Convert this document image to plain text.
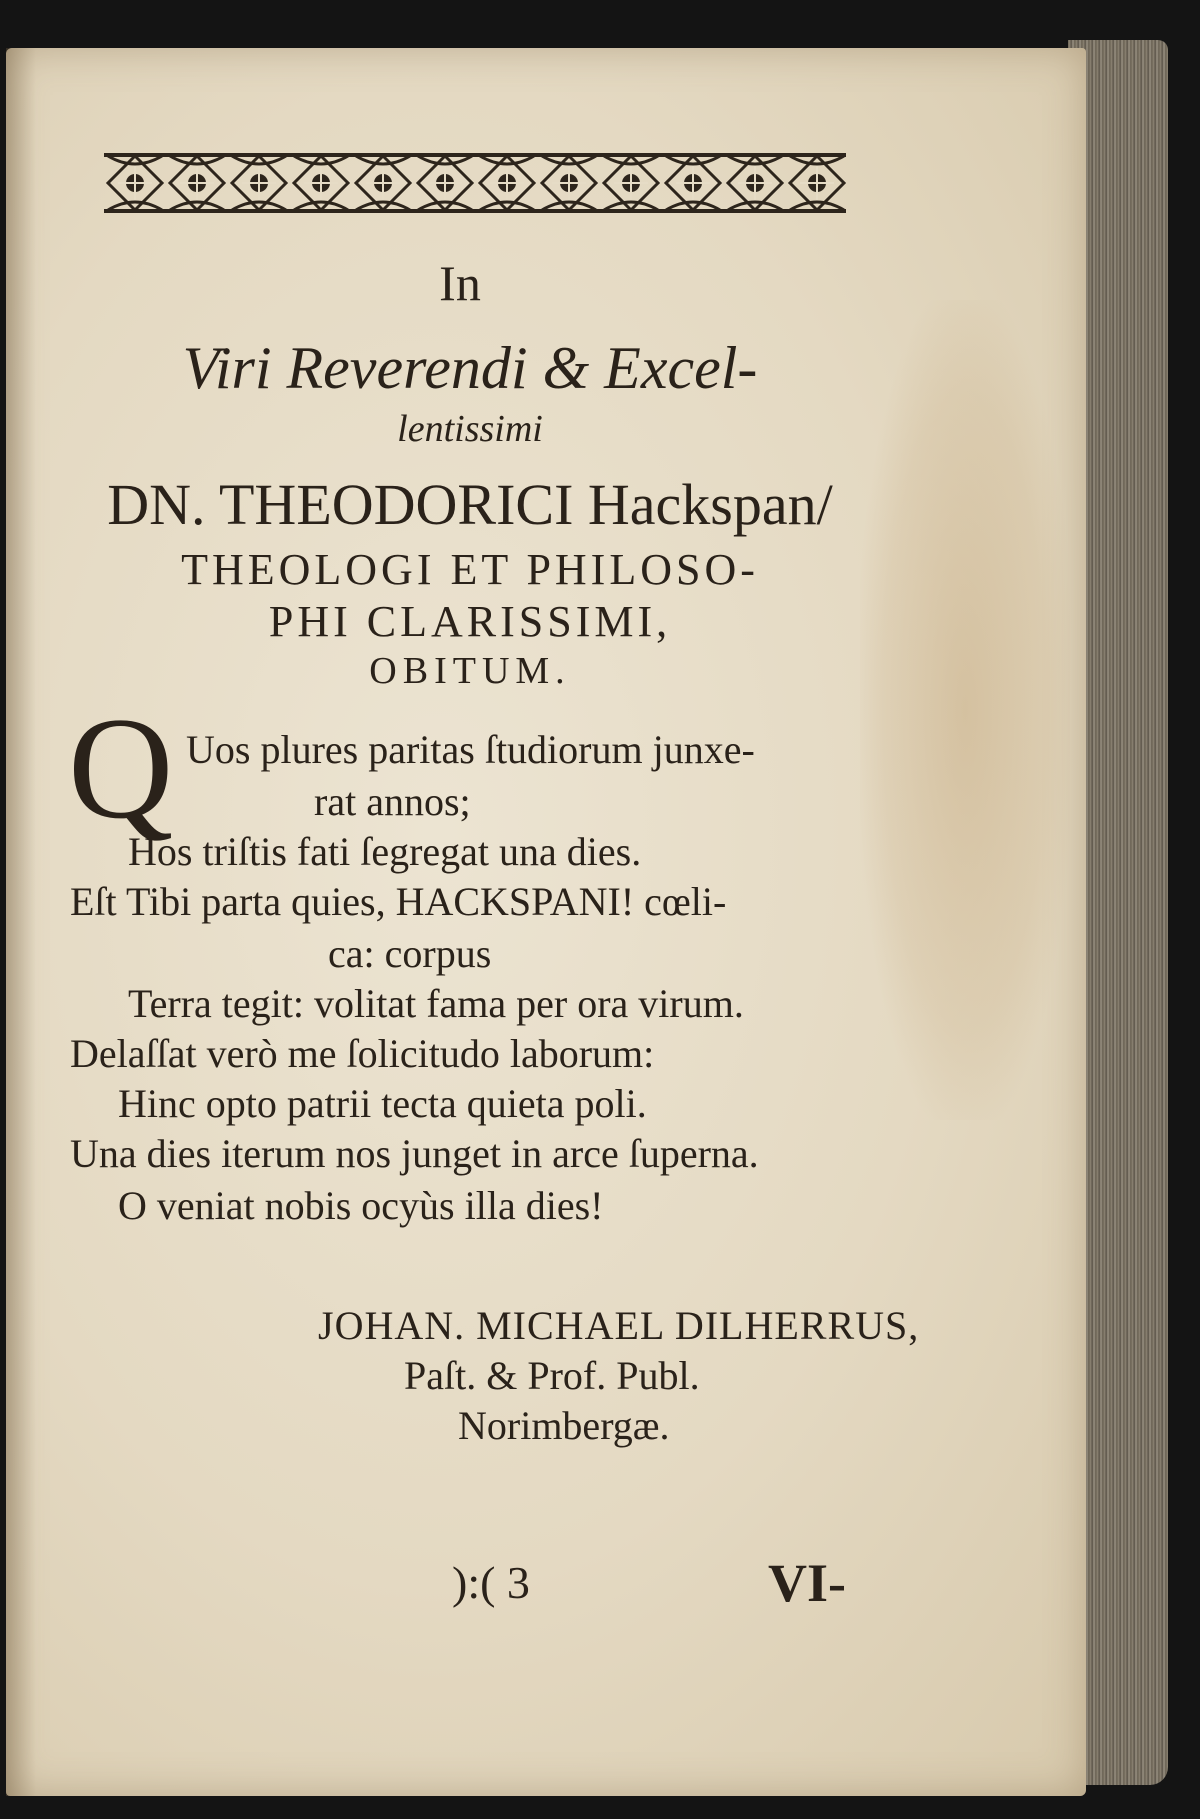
In
Viri Reverendi & Excel-
lentissimi
DN. THEODORICI Hackspan/
THEOLOGI ET PHILOSO-
PHI CLARISSIMI,
OBITUM.
Q Uos plures paritas ſtudiorum junxe-
rat annos;
Hos triſtis fati ſegregat una dies.
Eſt Tibi parta quies, HACKSPANI! cœli-
ca: corpus
Terra tegit: volitat fama per ora virum.
Delaſſat verò me ſolicitudo laborum:
Hinc opto patrii tecta quieta poli.
Una dies iterum nos junget in arce ſuperna.
O veniat nobis ocyùs illa dies!
JOHAN. MICHAEL DILHERRUS,
Paſt. & Prof. Publ.
Norimbergæ.
):( 3	VI-
